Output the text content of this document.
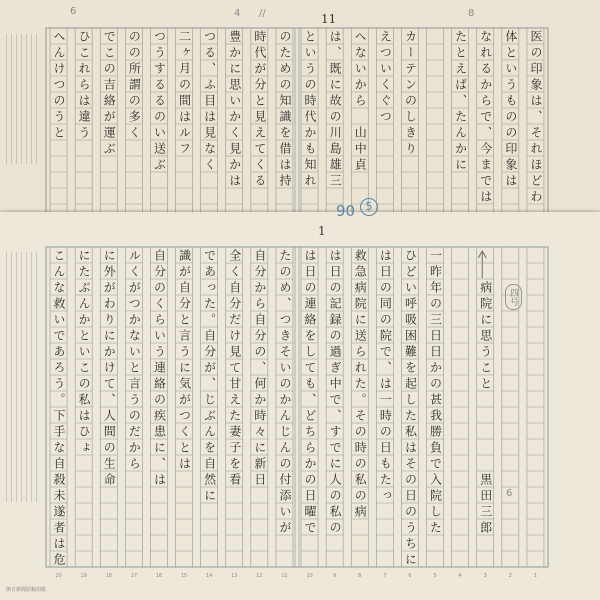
11
6	4 //	8
医の印象は、それほどわ
体というものの印象は
なれるからで、今までは
たとえば、たんかに
カーテンのしきり
えついくぐつ
へないから　山中貞
は、既に故の川島雄三
というの時代かも知れ
のための知識を借は持
時代が分と見えてくる
豊かに思いかく見かは
つる、ふ目は見なく
二ヶ月の間はルフ
つうするるのい送ぶ
のの所謂の多く
でこの吉絡が運ぶ
ひこれらは違う
へんけつのうと
1
四号
6
一昨年の三日日かの甚我勝負で入院した
ひどい呼吸困難を起した私はその日のうちに
は日の同の院で、は一時の日もたっ
救急病院に送られた。その時の私の病
は日の記録の過ぎ中で、すでに人の私の
は日の連絡をしても、どちらかの日曜で
たのめ、つきそいのかんじんの付添いが
自分から自分の、何か時々に新日
全く自分だけ見て甘えた妻子を看
であった。自分が、じぶんを自然に
識が自分と言うに気がつくとは
自分のくらいう連絡の疾患に、は
ルくがつかないと言うのだから
に外がわりにかけて、人間の生命
にたぶんかといこの私はひょ
こんな救いであろう。下手な自殺未遂者は危	病院に思うこと
黒田三郎
20	19	18	17	16	15	14	13	12	11	10	9	8	7	6	5	4	3	2	1
90 5
朝日新聞原稿用紙
